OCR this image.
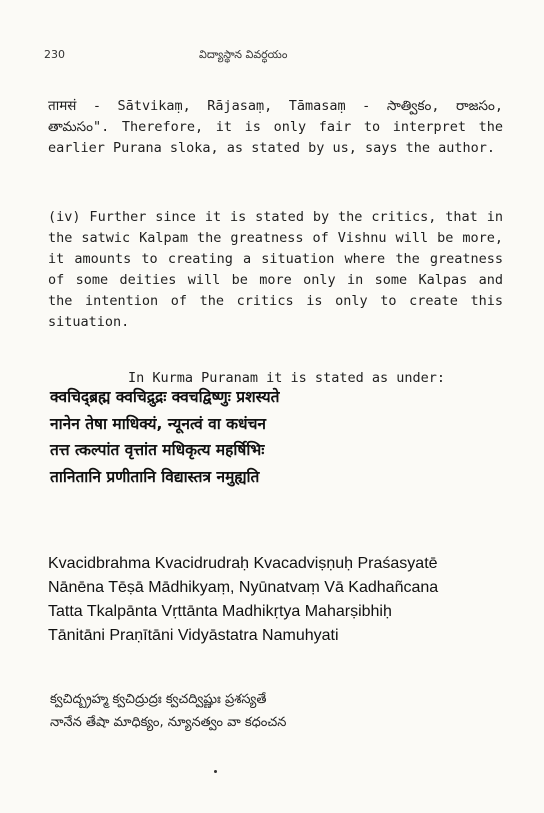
230	విద్యాస్థాన వివర్ధయం
तामसं - Sātvikaṃ, Rājasaṃ, Tāmasaṃ - సాత్వికం, రాజసం, తామసం". Therefore, it is only fair to interpret the earlier Purana sloka, as stated by us, says the author.
(iv) Further since it is stated by the critics, that in the satwic Kalpam the greatness of Vishnu will be more, it amounts to creating a situation where the greatness of some deities will be more only in some Kalpas and the intention of the critics is only to create this situation.
In Kurma Puranam it is stated as under:
क्वचिद्ब्रह्म क्वचिद्रुद्रः क्वचद्विष्णुः प्रशस्यते
नानेन तेषा माधिक्यं, न्यूनत्वं वा कधंचन
तत्त त्कल्पांत वृत्तांत मधिकृत्य महर्षिभिः
तानितानि प्रणीतानि विद्यास्तत्र नमुह्यति
Kvacidbrahma Kvacidrudraḥ Kvacadviṣṇuḥ Praśasyatē
Nānēna Tēṣā Mādhikyaṃ, Nyūnatvaṃ Vā Kadhañcana
Tatta Tkalpānta Vṛttānta Madhikṛtya Maharṣibhiḥ
Tānitāni Praṇītāni Vidyāstatra Namuhyati
క్వచిద్బ్రహ్మ క్వచిద్రుద్రః క్వచద్విష్ణుః ప్రశస్యతే
నానేన తేషా మాధిక్యం, న్యూనత్వం వా కధంచన
